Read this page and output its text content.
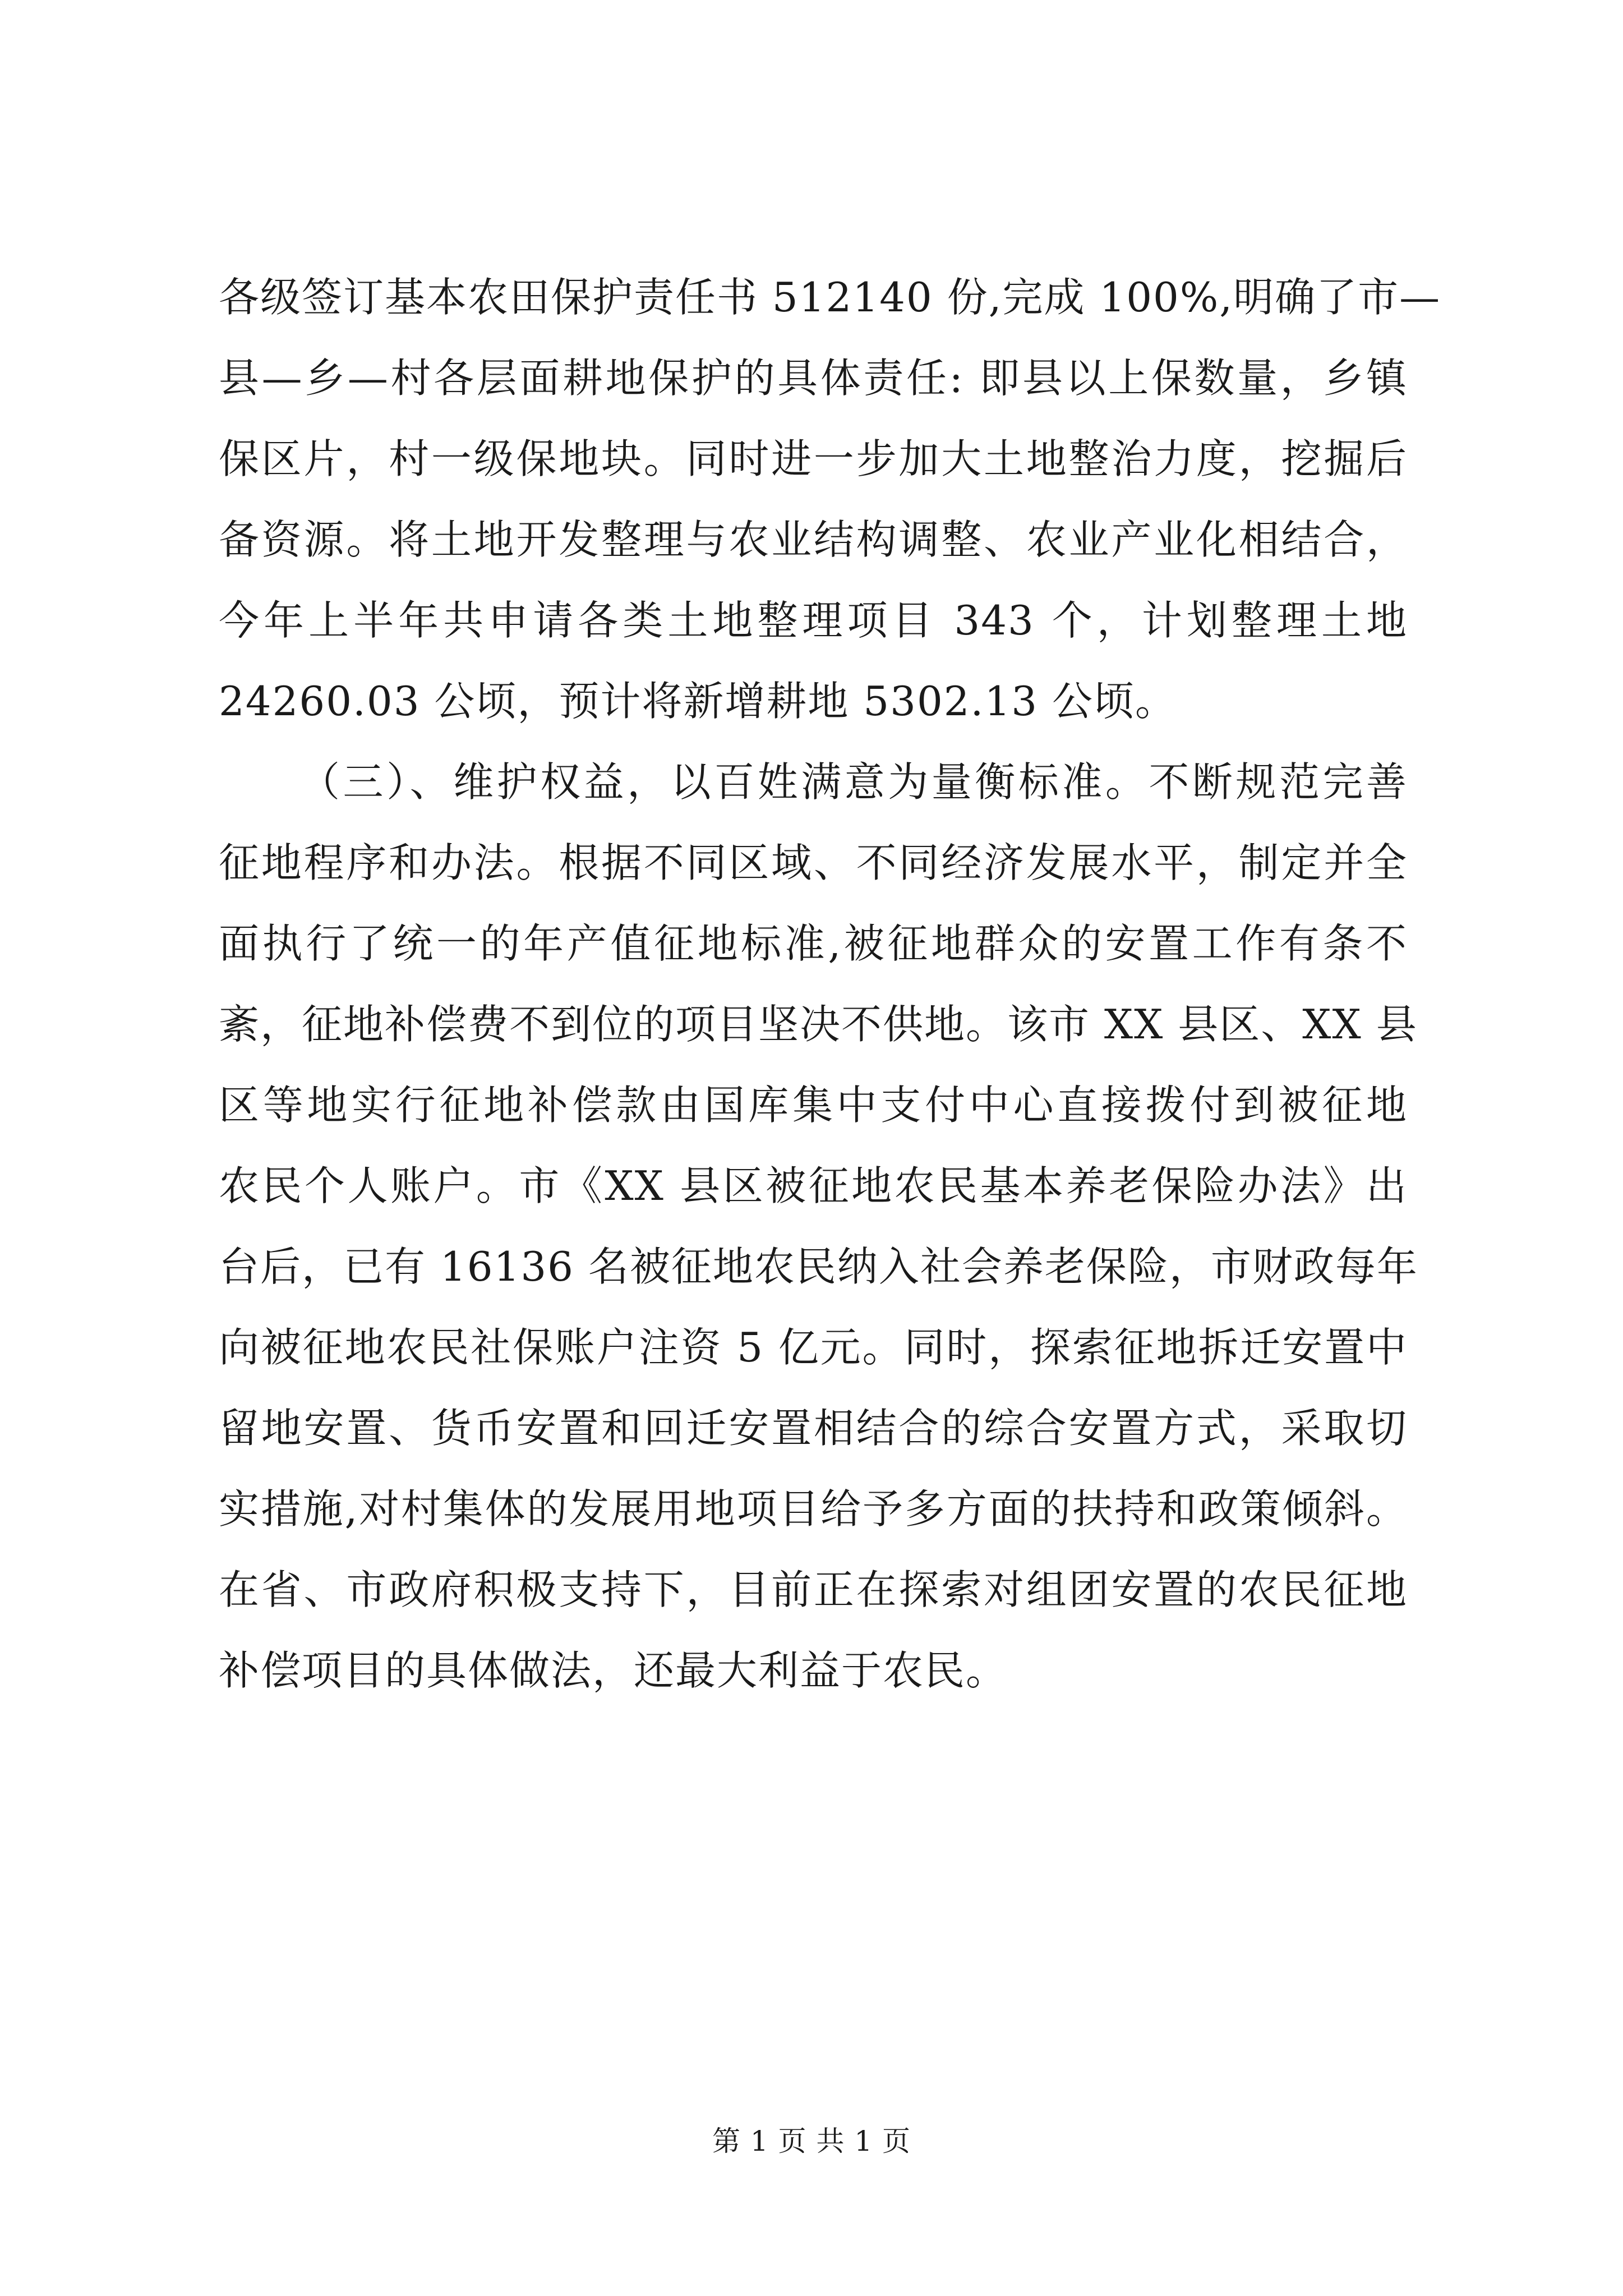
各级签订基本农田保护责任书 512140 份,完成 100%,明确了市—
县—乡—村各层面耕地保护的具体责任: 即县以上保数量，乡镇
保区片，村一级保地块。同时进一步加大土地整治力度，挖掘后
备资源。将土地开发整理与农业结构调整、农业产业化相结合，
今年上半年共申请各类土地整理项目 343 个，计划整理土地
24260.03 公顷，预计将新增耕地 5302.13 公顷。
（三）、维护权益，以百姓满意为量衡标准。不断规范完善
征地程序和办法。根据不同区域、不同经济发展水平，制定并全
面执行了统一的年产值征地标准,被征地群众的安置工作有条不
紊，征地补偿费不到位的项目坚决不供地。该市 XX 县区、XX 县
区等地实行征地补偿款由国库集中支付中心直接拨付到被征地
农民个人账户。市《XX 县区被征地农民基本养老保险办法》出
台后，已有 16136 名被征地农民纳入社会养老保险，市财政每年
向被征地农民社保账户注资 5 亿元。同时，探索征地拆迁安置中
留地安置、货币安置和回迁安置相结合的综合安置方式，采取切
实措施,对村集体的发展用地项目给予多方面的扶持和政策倾斜。
在省、市政府积极支持下，目前正在探索对组团安置的农民征地
补偿项目的具体做法，还最大利益于农民。
第 1 页 共 1 页
